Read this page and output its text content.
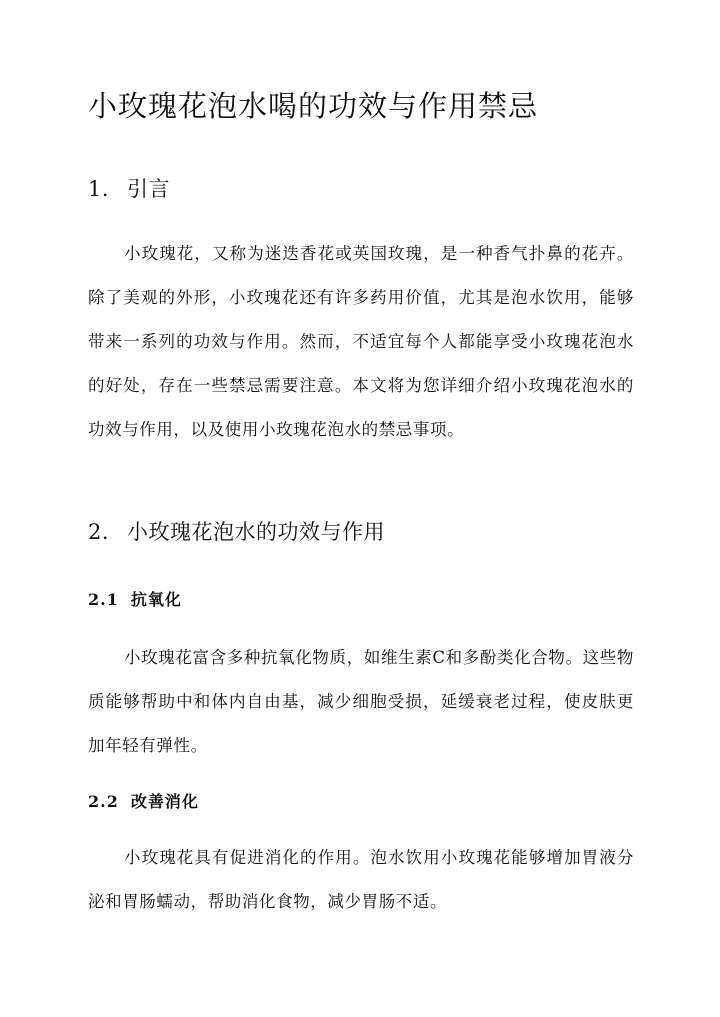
小玫瑰花泡水喝的功效与作用禁忌
1. 引言

小玫瑰花，又称为迷迭香花或英国玫瑰，是一种香气扑鼻的花卉。除了美观的外形，小玫瑰花还有许多药用价值，尤其是泡水饮用，能够带来一系列的功效与作用。然而，不适宜每个人都能享受小玫瑰花泡水的好处，存在一些禁忌需要注意。本文将为您详细介绍小玫瑰花泡水的功效与作用，以及使用小玫瑰花泡水的禁忌事项。

2. 小玫瑰花泡水的功效与作用
2.1 抗氧化

小玫瑰花富含多种抗氧化物质，如维生素C和多酚类化合物。这些物质能够帮助中和体内自由基，减少细胞受损，延缓衰老过程，使皮肤更加年轻有弹性。

2.2 改善消化

小玫瑰花具有促进消化的作用。泡水饮用小玫瑰花能够增加胃液分泌和胃肠蠕动，帮助消化食物，减少胃肠不适。
